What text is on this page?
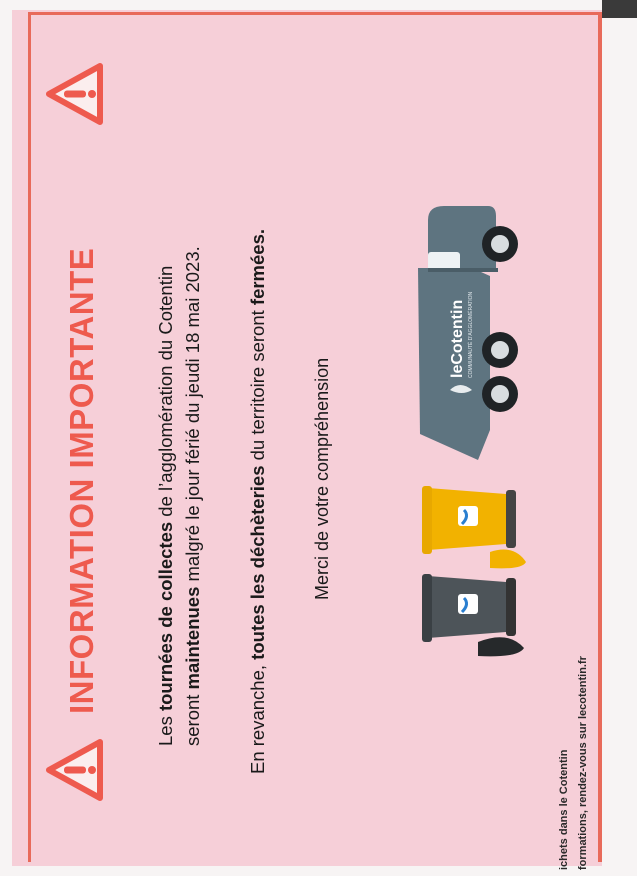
Les tournées de collectes de l’agglomération du Cotentin
seront maintenues malgré le jour férié du jeudi 18 mai 2023.
En revanche, toutes les déchèteries du territoire seront fermées.
leCotentin COMMUNAUTÉ D'AGGLOMÉRATION
